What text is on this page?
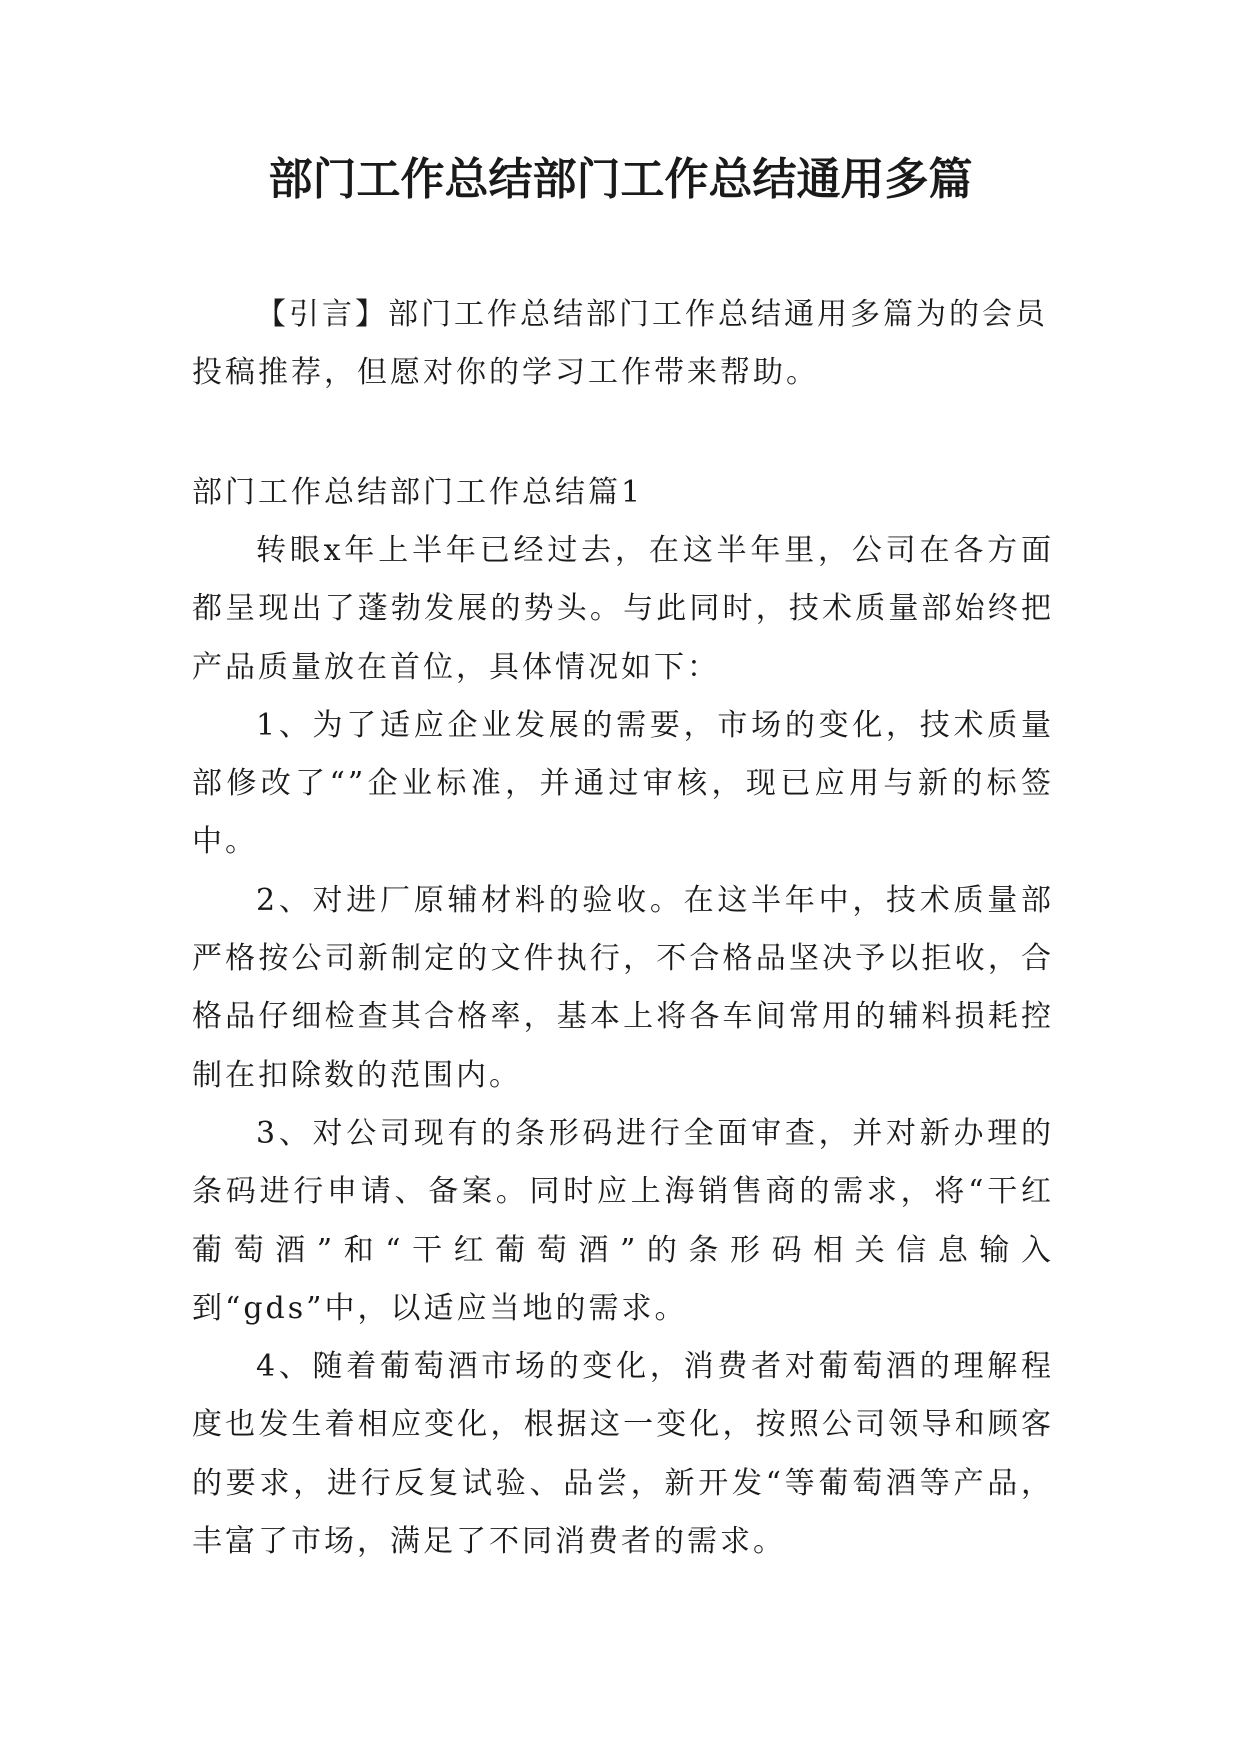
部门工作总结部门工作总结通用多篇

【引言】部门工作总结部门工作总结通用多篇为的会员投稿推荐，但愿对你的学习工作带来帮助。

部门工作总结部门工作总结篇1

转眼x年上半年已经过去，在这半年里，公司在各方面都呈现出了蓬勃发展的势头。与此同时，技术质量部始终把产品质量放在首位，具体情况如下：

1、为了适应企业发展的需要，市场的变化，技术质量部修改了“”企业标准，并通过审核，现已应用与新的标签中。

2、对进厂原辅材料的验收。在这半年中，技术质量部严格按公司新制定的文件执行，不合格品坚决予以拒收，合格品仔细检查其合格率，基本上将各车间常用的辅料损耗控制在扣除数的范围内。

3、对公司现有的条形码进行全面审查，并对新办理的条码进行申请、备案。同时应上海销售商的需求，将“干红葡萄酒”和“干红葡萄酒”的条形码相关信息输入到“gds”中，以适应当地的需求。

4、随着葡萄酒市场的变化，消费者对葡萄酒的理解程度也发生着相应变化，根据这一变化，按照公司领导和顾客的要求，进行反复试验、品尝，新开发“等葡萄酒等产品，丰富了市场，满足了不同消费者的需求。
